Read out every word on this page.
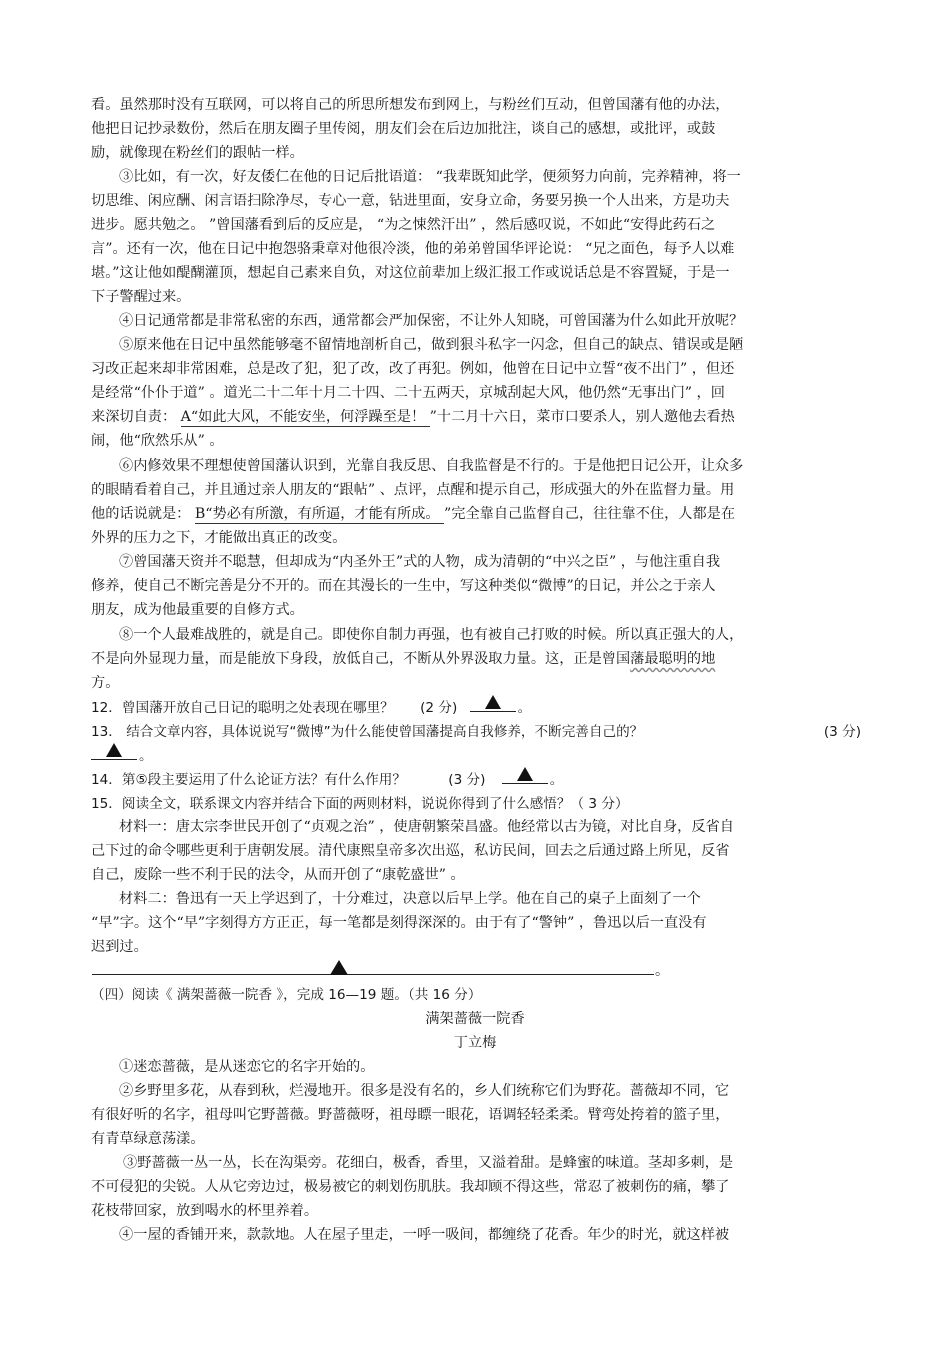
看。虽然那时没有互联网，可以将自己的所思所想发布到网上，与粉丝们互动，但曾国藩有他的办法，
他把日记抄录数份，然后在朋友圈子里传阅，朋友们会在后边加批注，谈自己的感想，或批评，或鼓
励，就像现在粉丝们的跟帖一样。
③比如，有一次，好友倭仁在他的日记后批语道： “我辈既知此学，便须努力向前，完养精神，将一
切思维、闲应酬、闲言语扫除净尽，专心一意，钻进里面，安身立命，务要另换一个人出来，方是功夫
进步。愿共勉之。 ”曾国藩看到后的反应是， “为之悚然汗出” ，然后感叹说，不如此“安得此药石之
言”。还有一次，他在日记中抱怨骆秉章对他很冷淡，他的弟弟曾国华评论说： “兄之面色，每予人以难
堪。”这让他如醍醐灌顶，想起自己素来自负，对这位前辈加上级汇报工作或说话总是不容置疑，于是一
下子警醒过来。
④日记通常都是非常私密的东西，通常都会严加保密，不让外人知晓，可曾国藩为什么如此开放呢？
⑤原来他在日记中虽然能够毫不留情地剖析自己，做到狠斗私字一闪念，但自己的缺点、错误或是陋
习改正起来却非常困难，总是改了犯，犯了改，改了再犯。例如，他曾在日记中立誓“夜不出门” ，但还
是经常“仆仆于道” 。道光二十二年十月二十四、二十五两天，京城刮起大风，他仍然“无事出门” ，回
来深切自责： A“如此大风，不能安坐，何浮躁至是！ ”十二月十六日，菜市口要杀人，别人邀他去看热
闹，他“欣然乐从” 。
⑥内修效果不理想使曾国藩认识到，光靠自我反思、自我监督是不行的。于是他把日记公开，让众多
的眼睛看着自己，并且通过亲人朋友的“跟帖” 、点评，点醒和提示自己，形成强大的外在监督力量。用
他的话说就是： B“势必有所激，有所逼，才能有所成。 ”完全靠自己监督自己，往往靠不住，人都是在
外界的压力之下，才能做出真正的改变。
⑦曾国藩天资并不聪慧，但却成为“内圣外王”式的人物，成为清朝的“中兴之臣” ，与他注重自我
修养，使自己不断完善是分不开的。而在其漫长的一生中，写这种类似“微博”的日记，并公之于亲人
朋友，成为他最重要的自修方式。
⑧一个人最难战胜的，就是自己。即使你自制力再强，也有被自己打败的时候。所以真正强大的人，
不是向外显现力量，而是能放下身段，放低自己，不断从外界汲取力量。这，正是曾国藩最聪明的地
方。
12．曾国藩开放自己日记的聪明之处表现在哪里？ (2 分)	。
13． 结合文章内容，具体说说写“微博”为什么能使曾国藩提高自我修养，不断完善自己的？	(3 分)
。
14．第⑤段主要运用了什么论证方法？有什么作用？	(3 分)	。
15．阅读全文，联系课文内容并结合下面的两则材料，说说你得到了什么感悟？（ 3 分）
材料一：唐太宗李世民开创了“贞观之治” ，使唐朝繁荣昌盛。他经常以古为镜，对比自身，反省自
己下过的命令哪些更利于唐朝发展。清代康熙皇帝多次出巡，私访民间，回去之后通过路上所见，反省
自己，废除一些不利于民的法令，从而开创了“康乾盛世” 。
材料二：鲁迅有一天上学迟到了，十分难过，决意以后早上学。他在自己的桌子上面刻了一个
“早”字。这个“早”字刻得方方正正，每一笔都是刻得深深的。由于有了“警钟” ，鲁迅以后一直没有
迟到过。
。
（四）阅读《 满架蔷薇一院香 》，完成 16—19 题。（共 16 分）
满架蔷薇一院香
丁立梅
①迷恋蔷薇，是从迷恋它的名字开始的。
②乡野里多花，从春到秋，烂漫地开。很多是没有名的，乡人们统称它们为野花。蔷薇却不同，它
有很好听的名字，祖母叫它野蔷薇。野蔷薇呀，祖母瞟一眼花，语调轻轻柔柔。臂弯处挎着的篮子里，
有青草绿意荡漾。
③野蔷薇一丛一丛，长在沟渠旁。花细白，极香，香里，又溢着甜。是蜂蜜的味道。茎却多刺，是
不可侵犯的尖锐。人从它旁边过，极易被它的刺划伤肌肤。我却顾不得这些，常忍了被刺伤的痛，攀了
花枝带回家，放到喝水的杯里养着。
④一屋的香铺开来，款款地。人在屋子里走，一呼一吸间，都缠绕了花香。年少的时光，就这样被
